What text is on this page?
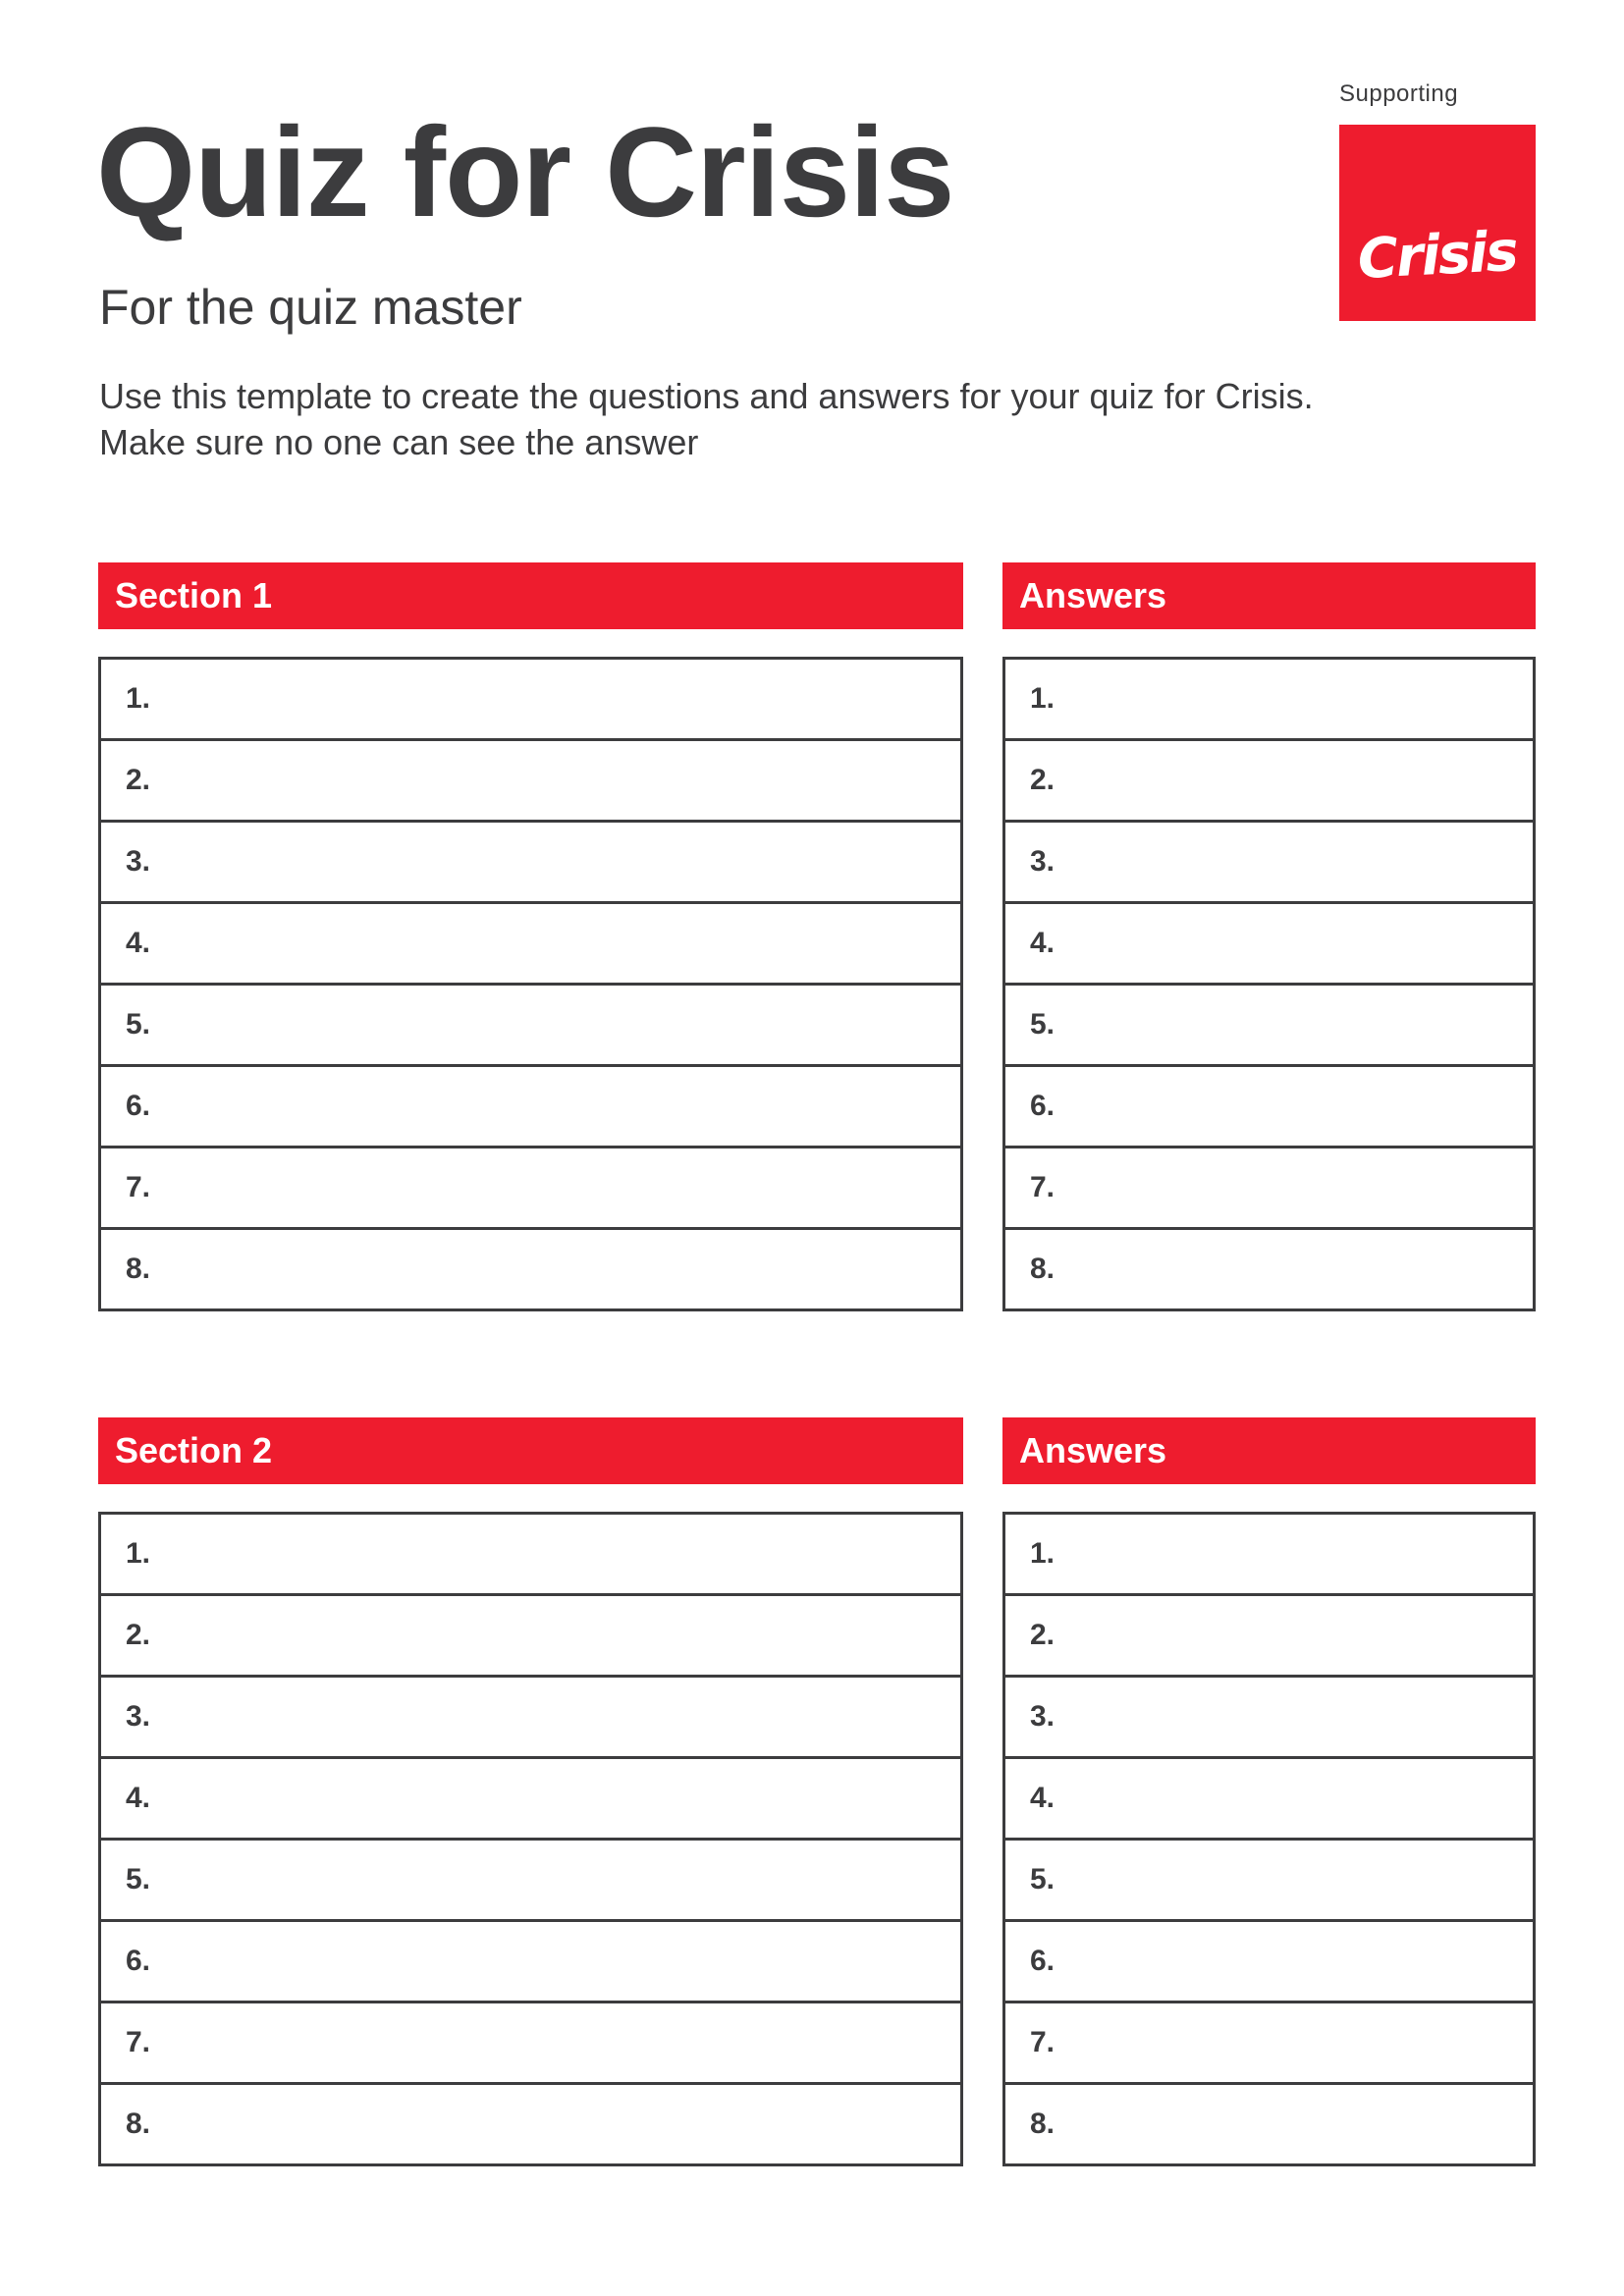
Supporting
Crisis
Quiz for Crisis
For the quiz master

Use this template to create the questions and answers for your quiz for Crisis.
Make sure no one can see the answer

Section 1
1.
2.
3.
4.
5.
6.
7.
8.
Answers
1.
2.
3.
4.
5.
6.
7.
8.
Section 2
1.
2.
3.
4.
5.
6.
7.
8.
Answers
1.
2.
3.
4.
5.
6.
7.
8.
